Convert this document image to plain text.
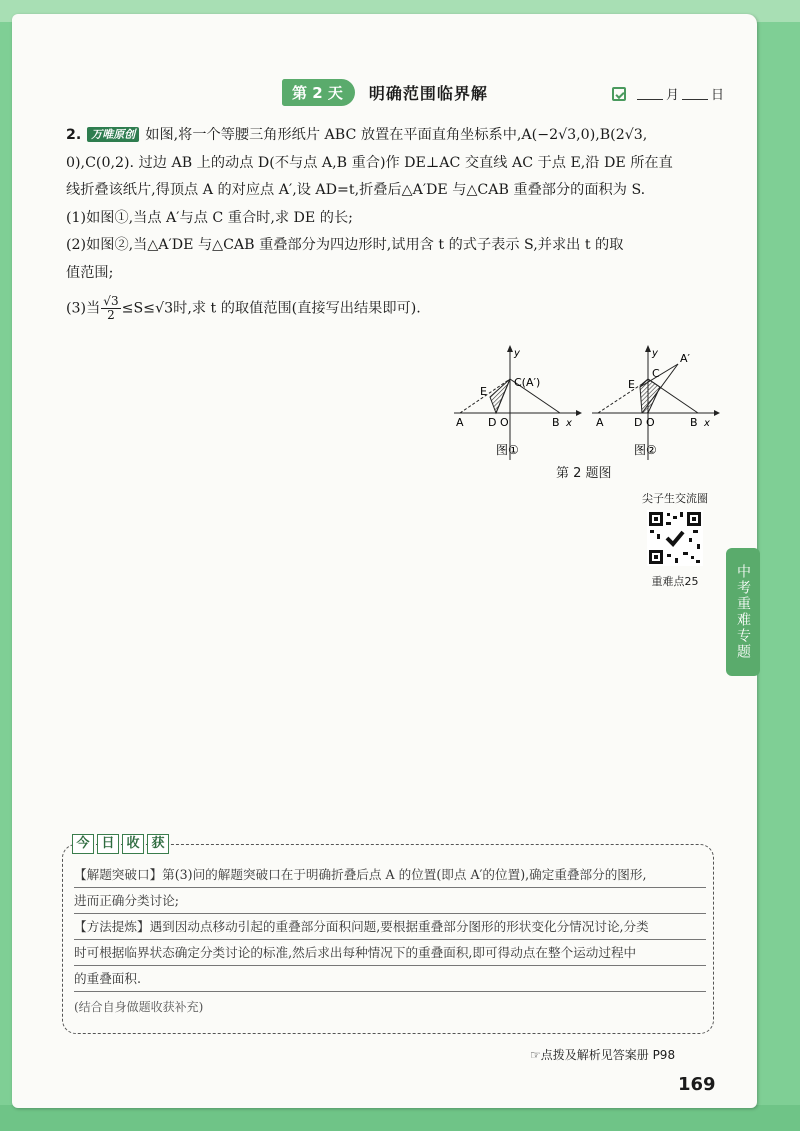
中考重难专题
第 2 天	明确范围临界解	月 日

2. 万唯原创 如图,将一个等腰三角形纸片 ABC 放置在平面直角坐标系中,A(−2√3,0),B(2√3,

0),C(0,2). 过边 AB 上的动点 D(不与点 A,B 重合)作 DE⊥AC 交直线 AC 于点 E,沿 DE 所在直

线折叠该纸片,得顶点 A 的对应点 A′,设 AD=t,折叠后△A′DE 与△CAB 重叠部分的面积为 S.

(1)如图①,当点 A′与点 C 重合时,求 DE 的长;

(2)如图②,当△A′DE 与△CAB 重叠部分为四边形时,试用含 t 的式子表示 S,并求出 t 的取

值范围;

(3)当 $\frac{√3}{2} \le S\le√3$时,求 t 的取值范围(直接写出结果即可).

C(A′)
E
D O
A	B x
y
图①
C
A′
E
D O
A	B x
y
图②
第 2 题图
尖子生交流圈
重难点25
今 日 收 获
【解题突破口】第(3)问的解题突破口在于明确折叠后点 A 的位置(即点 A′的位置),确定重叠部分的图形,
进而正确分类讨论;
【方法提炼】遇到因动点移动引起的重叠部分面积问题,要根据重叠部分图形的形状变化分情况讨论,分类
时可根据临界状态确定分类讨论的标准,然后求出每种情况下的重叠面积,即可得动点在整个运动过程中
的重叠面积.
(结合自身做题收获补充)
☞点拨及解析见答案册 P98
169
